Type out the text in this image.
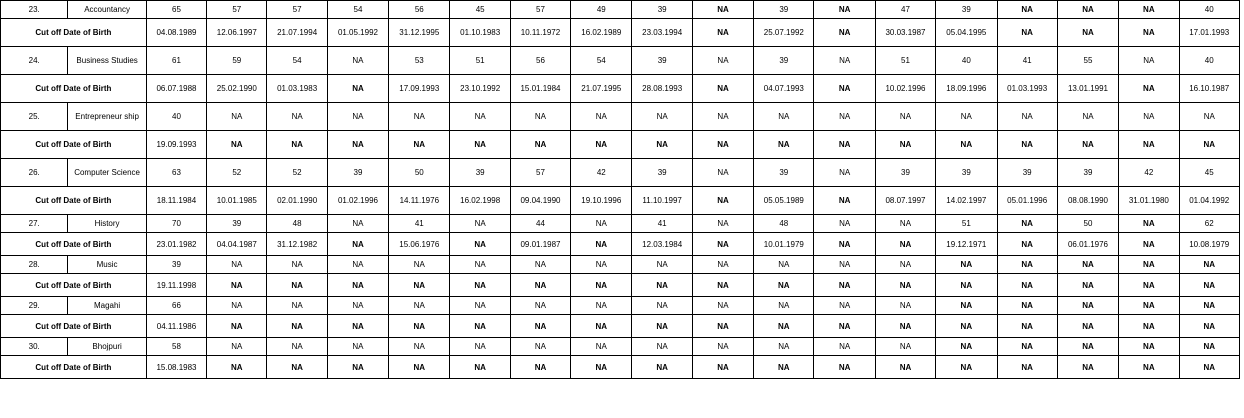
23.	Accountancy	65	57	57	54	56	45	57	49	39	NA	39	NA	47	39	NA	NA	NA	40
Cut off Date of Birth		04.08.1989	12.06.1997	21.07.1994	01.05.1992	31.12.1995	01.10.1983	10.11.1972	16.02.1989	23.03.1994	NA	25.07.1992	NA	30.03.1987	05.04.1995	NA	NA	NA	17.01.1993
24.	Business Studies	61	59	54	NA	53	51	56	54	39	NA	39	NA	51	40	41	55	NA	40
Cut off Date of Birth		06.07.1988	25.02.1990	01.03.1983	NA	17.09.1993	23.10.1992	15.01.1984	21.07.1995	28.08.1993	NA	04.07.1993	NA	10.02.1996	18.09.1996	01.03.1993	13.01.1991	NA	16.10.1987
25.	Entrepreneur ship	40	NA	NA	NA	NA	NA	NA	NA	NA	NA	NA	NA	NA	NA	NA	NA	NA	NA
Cut off Date of Birth		19.09.1993	NA	NA	NA	NA	NA	NA	NA	NA	NA	NA	NA	NA	NA	NA	NA	NA	NA
26.	Computer Science	63	52	52	39	50	39	57	42	39	NA	39	NA	39	39	39	39	42	45
Cut off Date of Birth		18.11.1984	10.01.1985	02.01.1990	01.02.1996	14.11.1976	16.02.1998	09.04.1990	19.10.1996	11.10.1997	NA	05.05.1989	NA	08.07.1997	14.02.1997	05.01.1996	08.08.1990	31.01.1980	01.04.1992
27.	History	70	39	48	NA	41	NA	44	NA	41	NA	48	NA	NA	51	NA	50	NA	62
Cut off Date of Birth		23.01.1982	04.04.1987	31.12.1982	NA	15.06.1976	NA	09.01.1987	NA	12.03.1984	NA	10.01.1979	NA	NA	19.12.1971	NA	06.01.1976	NA	10.08.1979
28.	Music	39	NA	NA	NA	NA	NA	NA	NA	NA	NA	NA	NA	NA	NA	NA	NA	NA	NA
Cut off Date of Birth		19.11.1998	NA	NA	NA	NA	NA	NA	NA	NA	NA	NA	NA	NA	NA	NA	NA	NA	NA
29.	Magahi	66	NA	NA	NA	NA	NA	NA	NA	NA	NA	NA	NA	NA	NA	NA	NA	NA	NA
Cut off Date of Birth		04.11.1986	NA	NA	NA	NA	NA	NA	NA	NA	NA	NA	NA	NA	NA	NA	NA	NA	NA
30.	Bhojpuri	58	NA	NA	NA	NA	NA	NA	NA	NA	NA	NA	NA	NA	NA	NA	NA	NA	NA
Cut off Date of Birth		15.08.1983	NA	NA	NA	NA	NA	NA	NA	NA	NA	NA	NA	NA	NA	NA	NA	NA	NA
